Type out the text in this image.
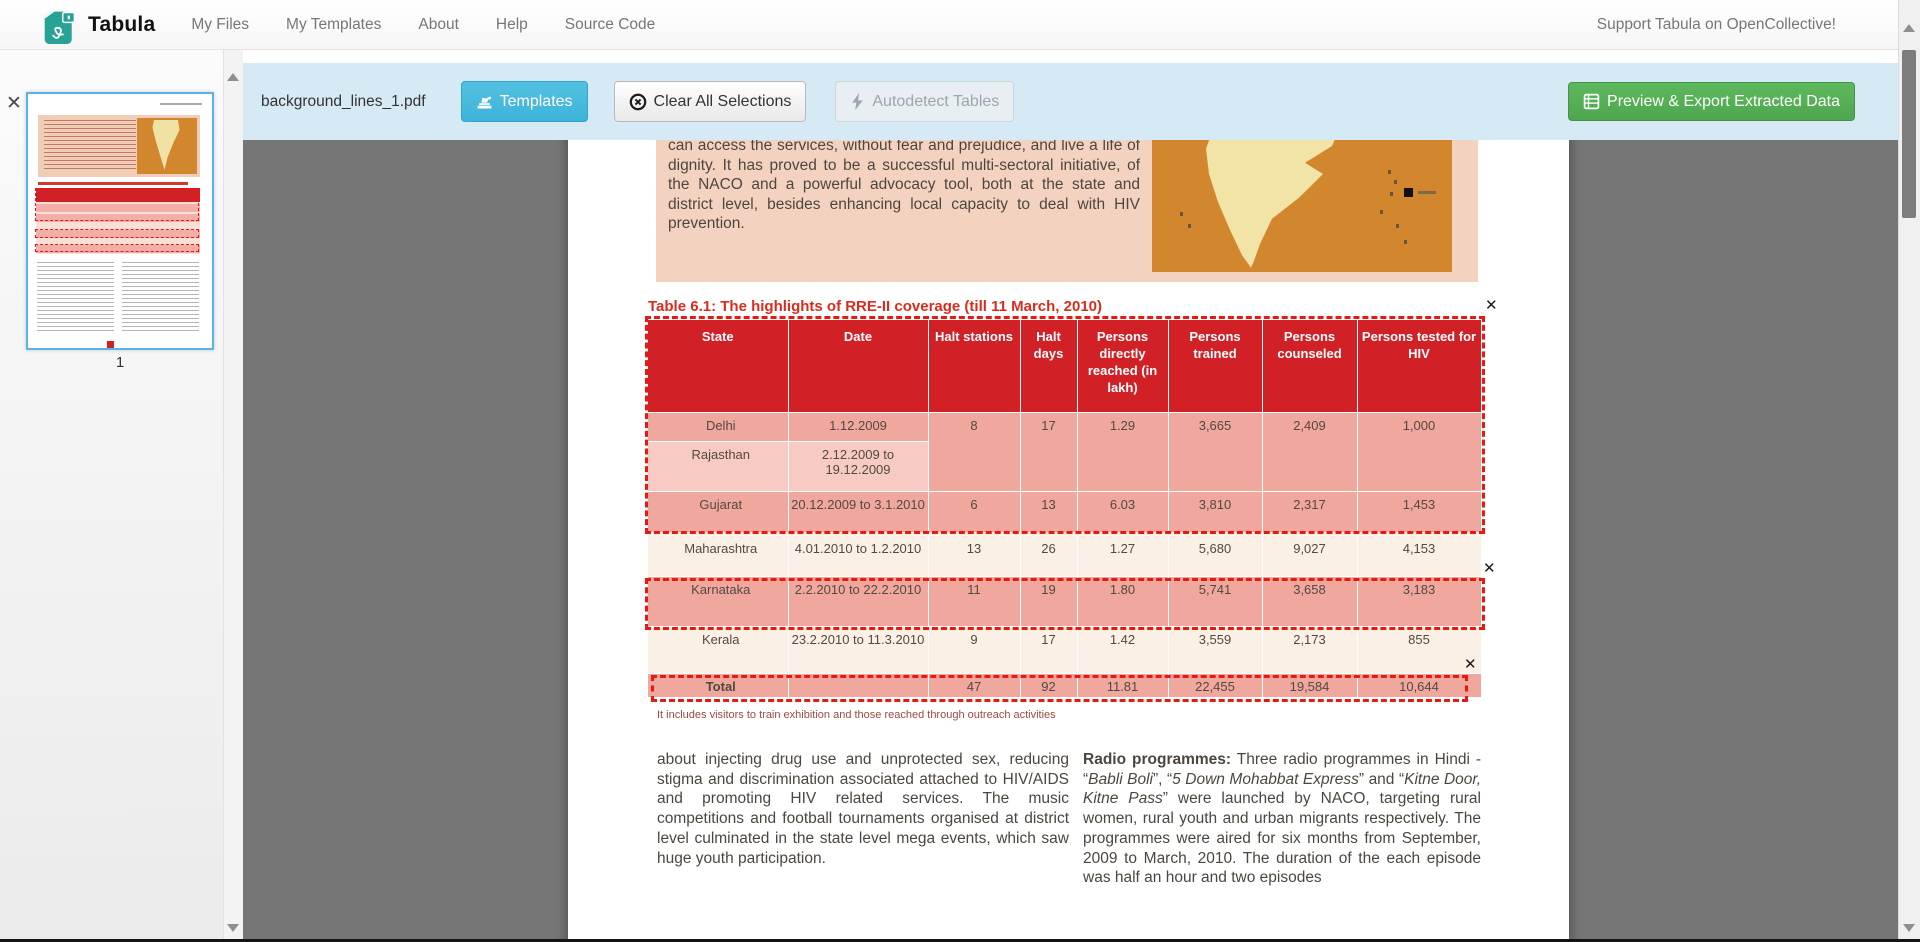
Tabula My Files My Templates About Help Source Code	Support Tabula on OpenCollective!
background_lines_1.pdf	Templates	Clear All Selections	Autodetect Tables	Preview & Export Extracted Data
✕
1

can access the services, without fear and prejudice, and live a life of dignity. It has proved to be a successful multi-sectoral initiative, of the NACO and a powerful advocacy tool, both at the state and district level, besides enhancing local capacity to deal with HIV prevention.

Table 6.1: The highlights of RRE-II coverage (till 11 March, 2010)
State	Date	Halt stations	Halt days	Persons directly reached (in lakh)	Persons trained	Persons counseled	Persons tested for HIV
Delhi	1.12.2009	8	17	1.29	3,665	2,409	1,000
Rajasthan	2.12.2009 to 19.12.2009						
Gujarat	20.12.2009 to 3.1.2010	6	13	6.03	3,810	2,317	1,453
Maharashtra	4.01.2010 to 1.2.2010	13	26	1.27	5,680	9,027	4,153
Karnataka	2.2.2010 to 22.2.2010	11	19	1.80	5,741	3,658	3,183
Kerala	23.2.2010 to 11.3.2010	9	17	1.42	3,559	2,173	855
Total		47	92	11.81	22,455	19,584	10,644
✕
✕
✕
It includes visitors to train exhibition and those reached through outreach activities
about injecting drug use and unprotected sex, reducing stigma and discrimination associated attached to HIV/AIDS and promoting HIV related services. The music competitions and football tournaments organised at district level culminated in the state level mega events, which saw huge youth participation.
Radio programmes: Three radio programmes in Hindi - “Babli Boli”, “5 Down Mohabbat Express” and “Kitne Door, Kitne Pass” were launched by NACO, targeting rural women, rural youth and urban migrants respectively. The programmes were aired for six months from September, 2009 to March, 2010. The duration of the each episode was half an hour and two episodes
